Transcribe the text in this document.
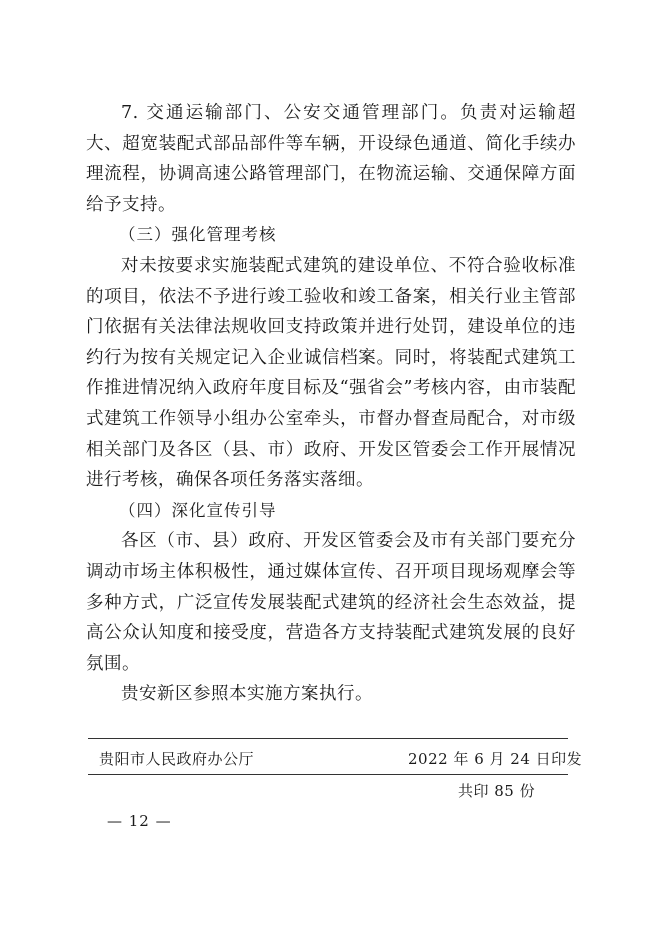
7. 交通运输部门、公安交通管理部门。负责对运输超大、超宽装配式部品部件等车辆，开设绿色通道、简化手续办理流程，协调高速公路管理部门，在物流运输、交通保障方面给予支持。

（三）强化管理考核

对未按要求实施装配式建筑的建设单位、不符合验收标准的项目，依法不予进行竣工验收和竣工备案，相关行业主管部门依据有关法律法规收回支持政策并进行处罚，建设单位的违约行为按有关规定记入企业诚信档案。同时，将装配式建筑工作推进情况纳入政府年度目标及“强省会”考核内容，由市装配式建筑工作领导小组办公室牵头，市督办督查局配合，对市级相关部门及各区（县、市）政府、开发区管委会工作开展情况进行考核，确保各项任务落实落细。

（四）深化宣传引导

各区（市、县）政府、开发区管委会及市有关部门要充分调动市场主体积极性，通过媒体宣传、召开项目现场观摩会等多种方式，广泛宣传发展装配式建筑的经济社会生态效益，提高公众认知度和接受度，营造各方支持装配式建筑发展的良好氛围。

贵安新区参照本实施方案执行。

贵阳市人民政府办公厅	2022 年 6 月 24 日印发
共印 85 份
— 12 —
